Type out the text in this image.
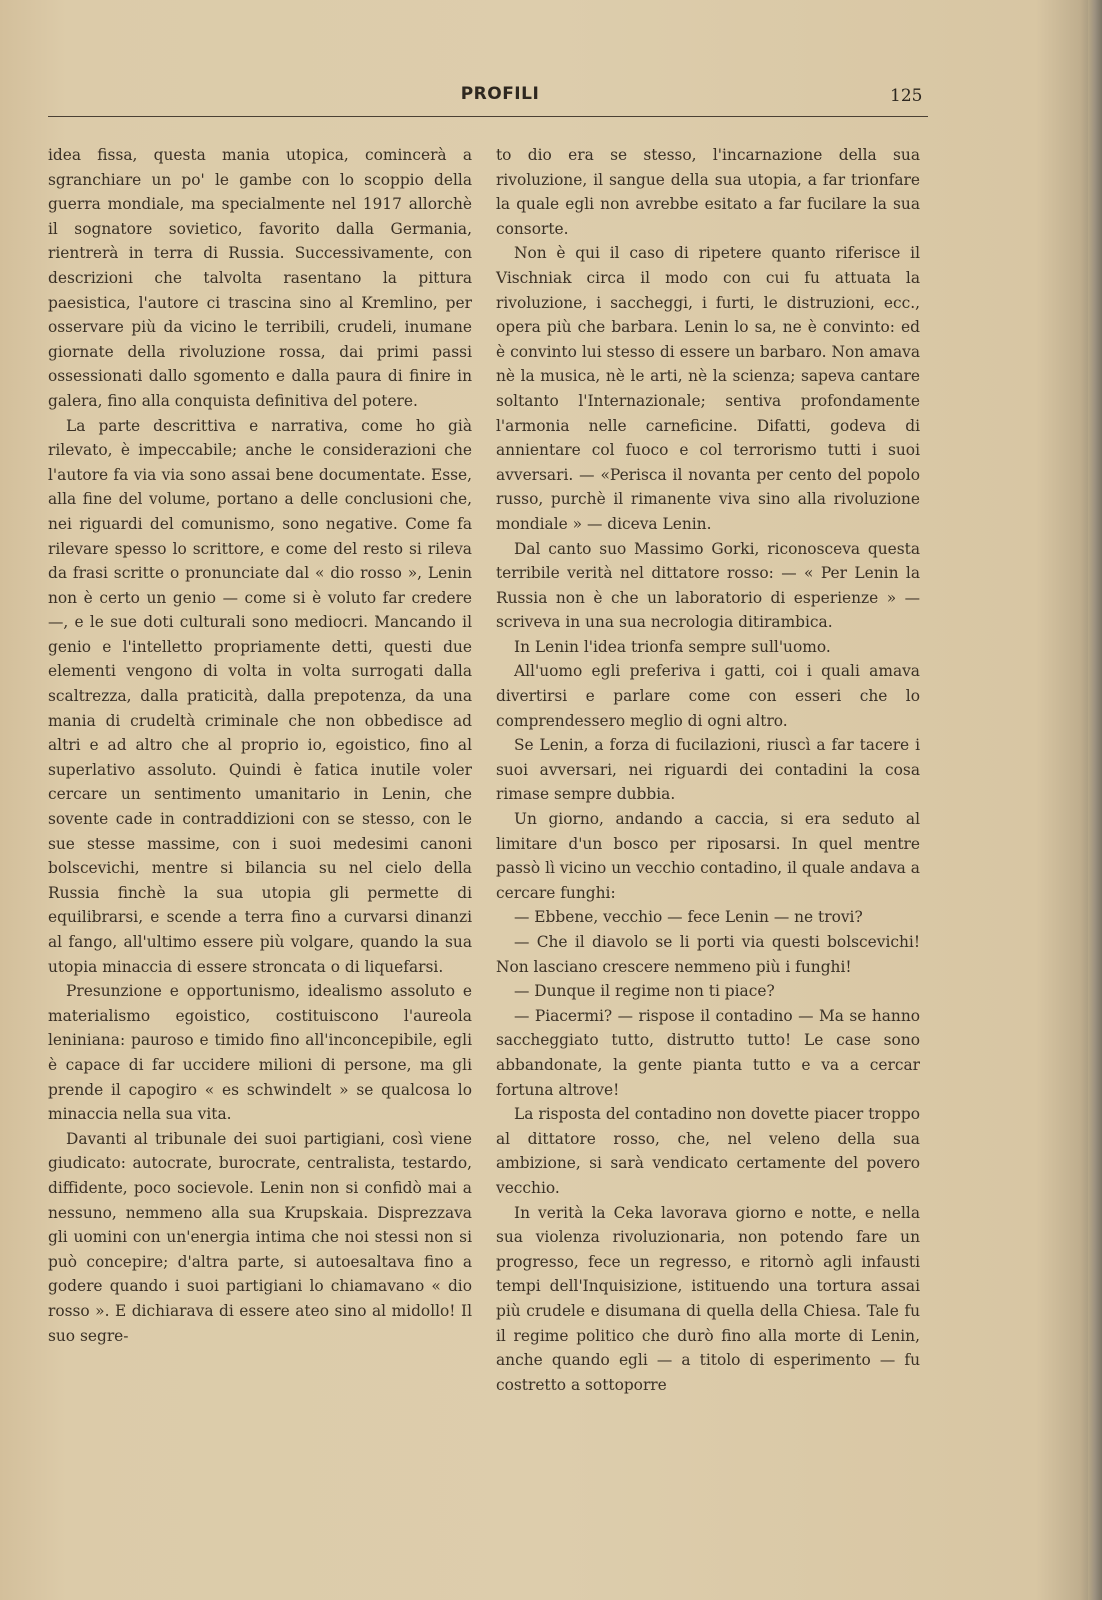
PROFILI	125

idea fissa, questa mania utopica, comincerà a sgranchiare un po' le gambe con lo scoppio della guerra mondiale, ma specialmente nel 1917 allorchè il sognatore sovietico, favorito dalla Germania, rientrerà in terra di Russia. Successivamente, con descrizioni che talvolta rasentano la pittura paesistica, l'autore ci trascina sino al Kremlino, per osservare più da vicino le terribili, crudeli, inumane giornate della rivoluzione rossa, dai primi passi ossessionati dallo sgomento e dalla paura di finire in galera, fino alla conquista definitiva del potere.

La parte descrittiva e narrativa, come ho già rilevato, è impeccabile; anche le considerazioni che l'autore fa via via sono assai bene documentate. Esse, alla fine del volume, portano a delle conclusioni che, nei riguardi del comunismo, sono negative. Come fa rilevare spesso lo scrittore, e come del resto si rileva da frasi scritte o pronunciate dal « dio rosso », Lenin non è certo un genio — come si è voluto far credere —, e le sue doti culturali sono mediocri. Mancando il genio e l'intelletto propriamente detti, questi due elementi vengono di volta in volta surrogati dalla scaltrezza, dalla praticità, dalla prepotenza, da una mania di crudeltà criminale che non obbedisce ad altri e ad altro che al proprio io, egoistico, fino al superlativo assoluto. Quindi è fatica inutile voler cercare un sentimento umanitario in Lenin, che sovente cade in contraddizioni con se stesso, con le sue stesse massime, con i suoi medesimi canoni bolscevichi, mentre si bilancia su nel cielo della Russia finchè la sua utopia gli permette di equilibrarsi, e scende a terra fino a curvarsi dinanzi al fango, all'ultimo essere più volgare, quando la sua utopia minaccia di essere stroncata o di liquefarsi.

Presunzione e opportunismo, idealismo assoluto e materialismo egoistico, costituiscono l'aureola leniniana: pauroso e timido fino all'inconcepibile, egli è capace di far uccidere milioni di persone, ma gli prende il capogiro « es schwindelt » se qualcosa lo minaccia nella sua vita.

Davanti al tribunale dei suoi partigiani, così viene giudicato: autocrate, burocrate, centralista, testardo, diffidente, poco socievole. Lenin non si confidò mai a nessuno, nemmeno alla sua Krupskaia. Disprezzava gli uomini con un'energia intima che noi stessi non si può concepire; d'altra parte, si autoesaltava fino a godere quando i suoi partigiani lo chiamavano « dio rosso ». E dichiarava di essere ateo sino al midollo! Il suo segre-

to dio era se stesso, l'incarnazione della sua rivoluzione, il sangue della sua utopia, a far trionfare la quale egli non avrebbe esitato a far fucilare la sua consorte.

Non è qui il caso di ripetere quanto riferisce il Vischniak circa il modo con cui fu attuata la rivoluzione, i saccheggi, i furti, le distruzioni, ecc., opera più che barbara. Lenin lo sa, ne è convinto: ed è convinto lui stesso di essere un barbaro. Non amava nè la musica, nè le arti, nè la scienza; sapeva cantare soltanto l'Internazionale; sentiva profondamente l'armonia nelle carneficine. Difatti, godeva di annientare col fuoco e col terrorismo tutti i suoi avversari. — «Perisca il novanta per cento del popolo russo, purchè il rimanente viva sino alla rivoluzione mondiale » — diceva Lenin.

Dal canto suo Massimo Gorki, riconosceva questa terribile verità nel dittatore rosso: — « Per Lenin la Russia non è che un laboratorio di esperienze » — scriveva in una sua necrologia ditirambica.

In Lenin l'idea trionfa sempre sull'uomo.

All'uomo egli preferiva i gatti, coi i quali amava divertirsi e parlare come con esseri che lo comprendessero meglio di ogni altro.

Se Lenin, a forza di fucilazioni, riuscì a far tacere i suoi avversari, nei riguardi dei contadini la cosa rimase sempre dubbia.

Un giorno, andando a caccia, si era seduto al limitare d'un bosco per riposarsi. In quel mentre passò lì vicino un vecchio contadino, il quale andava a cercare funghi:

— Ebbene, vecchio — fece Lenin — ne trovi?

— Che il diavolo se li porti via questi bolscevichi! Non lasciano crescere nemmeno più i funghi!

— Dunque il regime non ti piace?

— Piacermi? — rispose il contadino — Ma se hanno saccheggiato tutto, distrutto tutto! Le case sono abbandonate, la gente pianta tutto e va a cercar fortuna altrove!

La risposta del contadino non dovette piacer troppo al dittatore rosso, che, nel veleno della sua ambizione, si sarà vendicato certamente del povero vecchio.

In verità la Ceka lavorava giorno e notte, e nella sua violenza rivoluzionaria, non potendo fare un progresso, fece un regresso, e ritornò agli infausti tempi dell'Inquisizione, istituendo una tortura assai più crudele e disumana di quella della Chiesa. Tale fu il regime politico che durò fino alla morte di Lenin, anche quando egli — a titolo di esperimento — fu costretto a sottoporre
